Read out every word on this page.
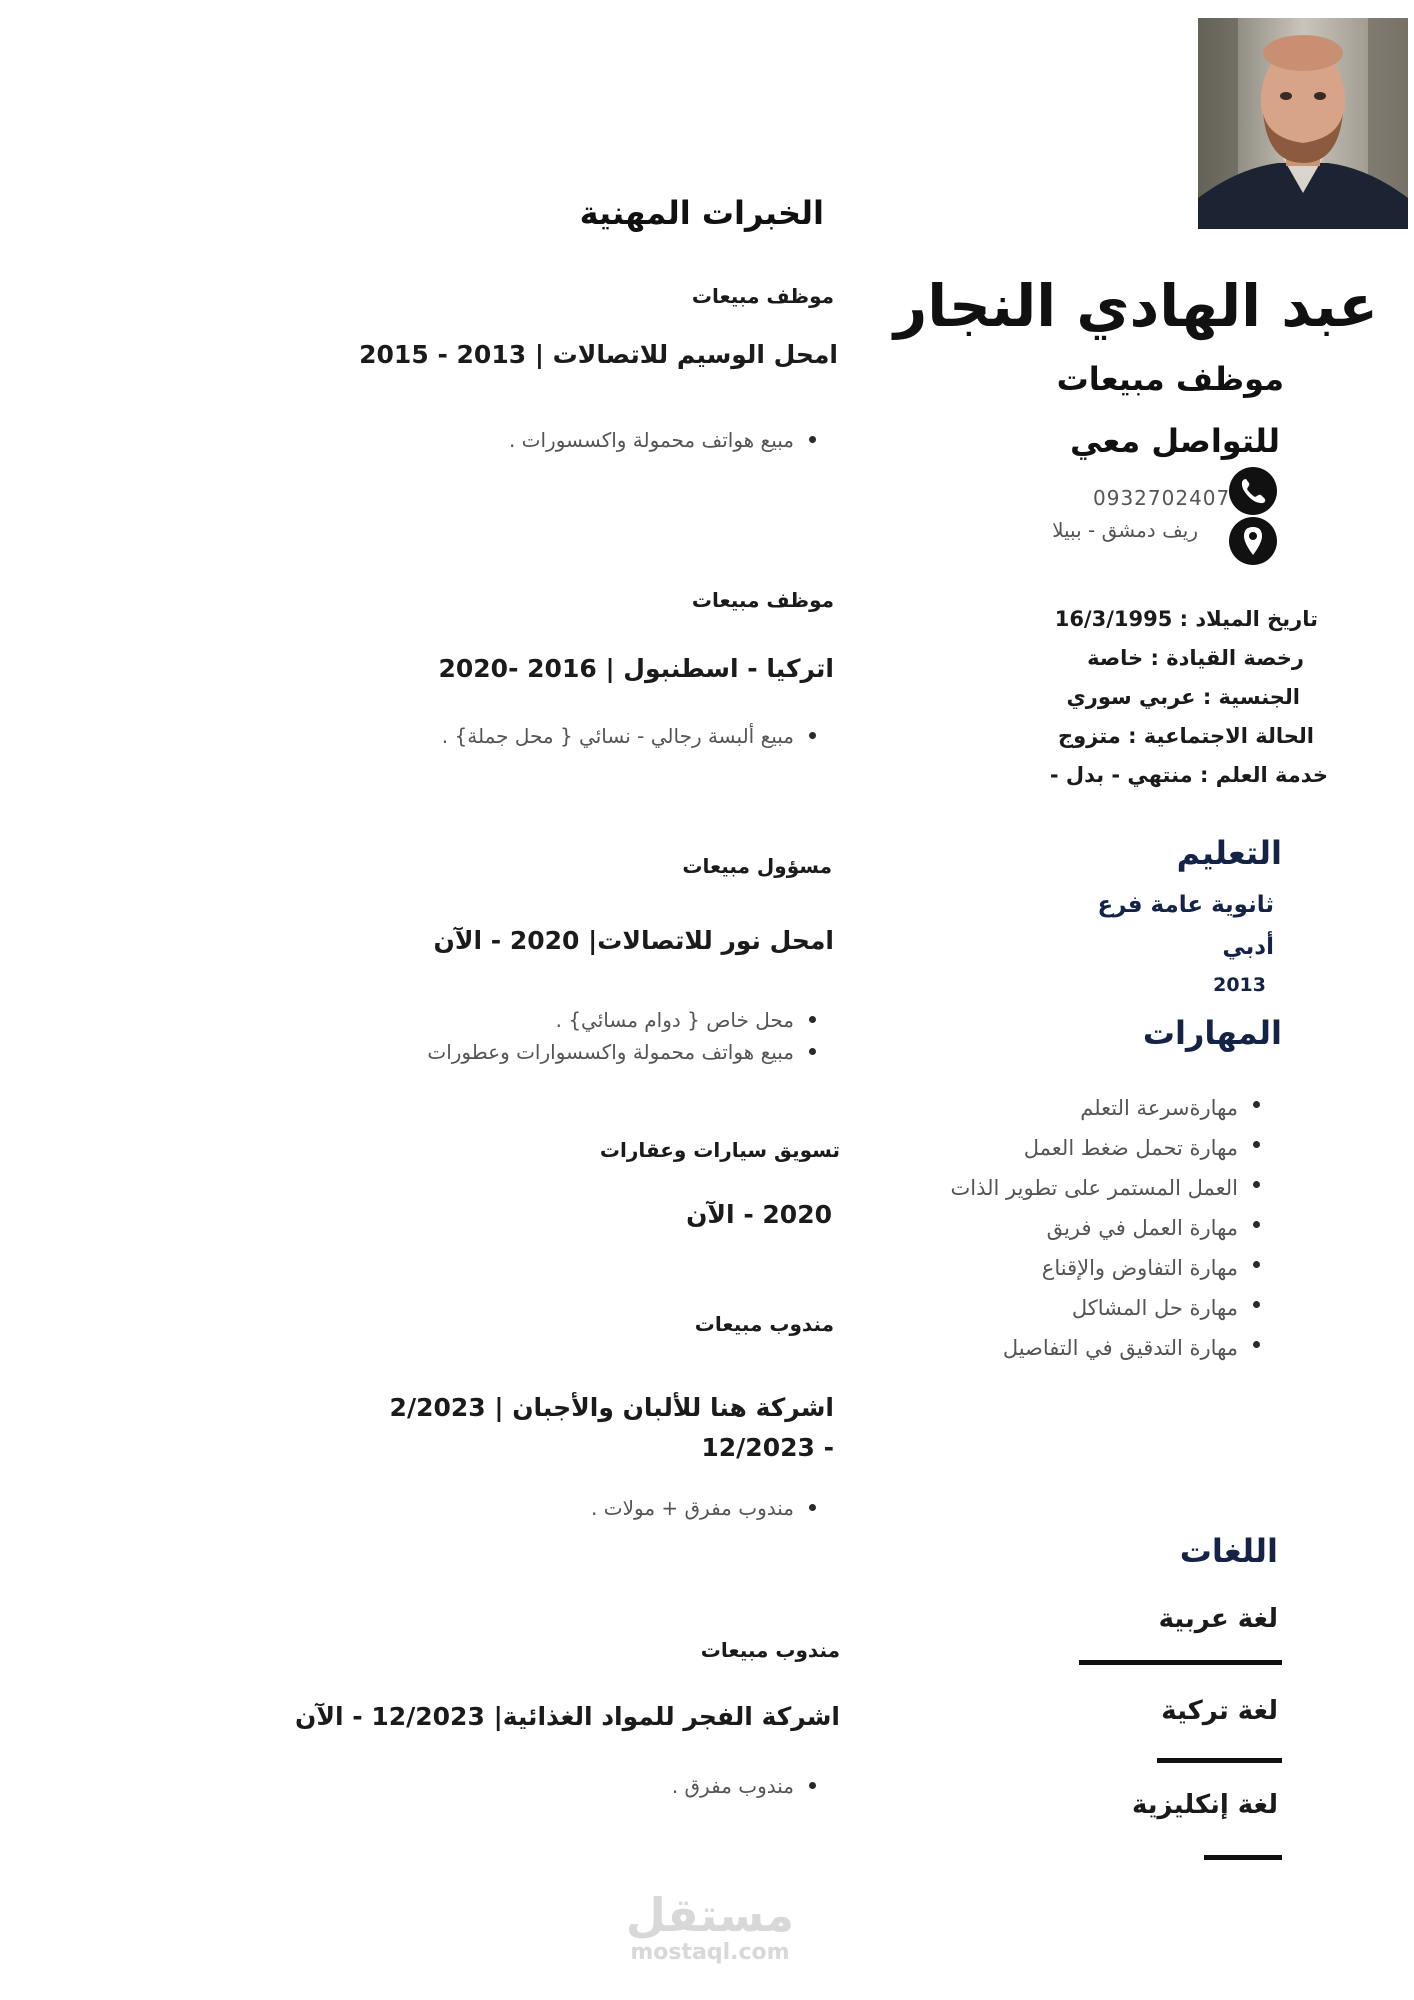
عبد الهادي النجار
موظف مبيعات
للتواصل معي
0932702407
ريف دمشق - ببيلا
تاريخ الميلاد : 16/3/1995
رخصة القيادة : خاصة
الجنسية : عربي سوري
الحالة الاجتماعية : متزوج
خدمة العلم : منتهي - بدل -
التعليم
ثانوية عامة فرع
أدبي
2013
المهارات
مهارةسرعة التعلم
مهارة تحمل ضغط العمل
العمل المستمر على تطوير الذات
مهارة العمل في فريق
مهارة التفاوض والإقناع
مهارة حل المشاكل
مهارة التدقيق في التفاصيل
اللغات
لغة عربية
لغة تركية
لغة إنكليزية
الخبرات المهنية
موظف مبيعات
امحل الوسيم للاتصالات | 2013 - 2015
مبيع هواتف محمولة واكسسورات .
موظف مبيعات
اتركيا - اسطنبول | 2016 -2020
مبيع ألبسة رجالي - نسائي { محل جملة} .
مسؤول مبيعات
امحل نور للاتصالات| 2020 - الآن
محل خاص { دوام مسائي} .
مبيع هواتف محمولة واكسسوارات وعطورات
تسويق سيارات وعقارات
2020 - الآن
مندوب مبيعات
اشركة هنا للألبان والأجبان | 2/2023 - 12/2023
مندوب مفرق + مولات .
مندوب مبيعات
اشركة الفجر للمواد الغذائية| 12/2023 - الآن
مندوب مفرق .
مستقل
mostaql.com
